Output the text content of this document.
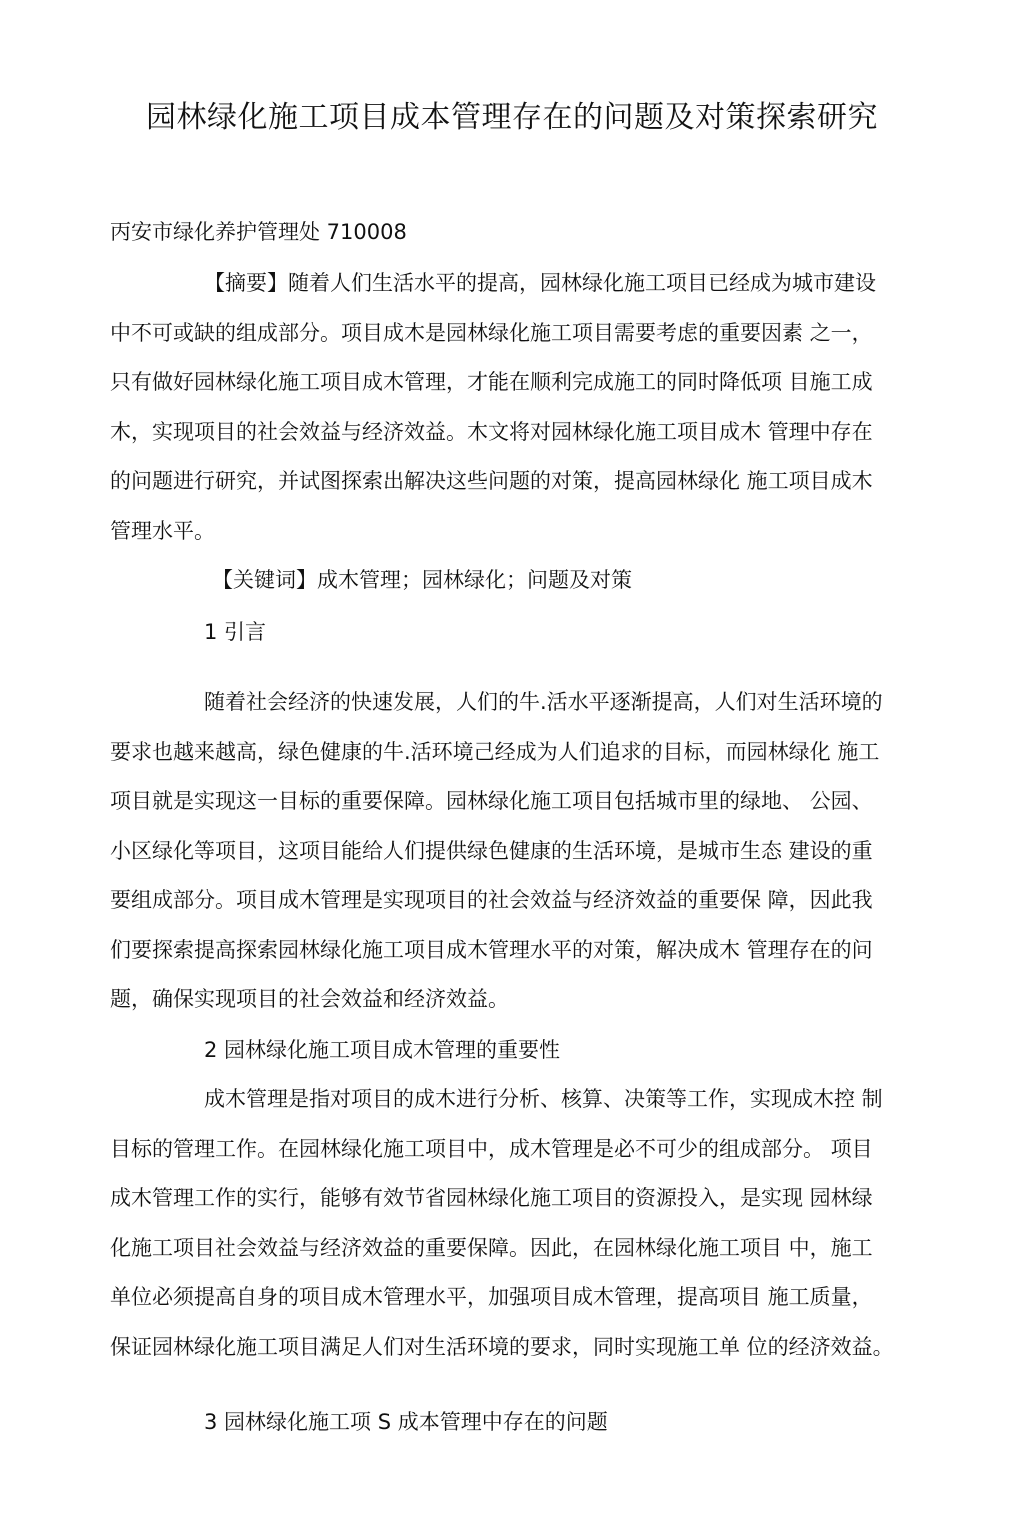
园林绿化施工项目成本管理存在的问题及对策探索研究

丙安市绿化养护管理处 710008

【摘要】随着人们生活水平的提高，园林绿化施工项目已经成为城市建设
中不可或缺的组成部分。项目成木是园林绿化施工项目需要考虑的重要因素 之一，
只有做好园林绿化施工项目成木管理，才能在顺利完成施工的同时降低项 目施工成
木，实现项目的社会效益与经济效益。木文将对园林绿化施工项目成木 管理中存在
的问题进行研究，并试图探索出解决这些问题的对策，提高园林绿化 施工项目成木
管理水平。

【关键词】成木管理；园林绿化；问题及对策

1 引言

随着社会经济的快速发展，人们的牛.活水平逐渐提高，人们对生活环境的
要求也越来越高，绿色健康的牛.活环境己经成为人们追求的目标，而园林绿化 施工
项目就是实现这一目标的重要保障。园林绿化施工项目包括城市里的绿地、 公园、
小区绿化等项目，这项目能给人们提供绿色健康的生活环境，是城市生态 建设的重
要组成部分。项目成木管理是实现项目的社会效益与经济效益的重要保 障，因此我
们要探索提高探索园林绿化施工项目成木管理水平的对策，解决成木 管理存在的问
题，确保实现项目的社会效益和经济效益。

2 园林绿化施工项目成木管理的重要性

成木管理是指对项目的成木进行分析、核算、决策等工作，实现成木控 制
目标的管理工作。在园林绿化施工项目中，成木管理是必不可少的组成部分。 项目
成木管理工作的实行，能够有效节省园林绿化施工项目的资源投入，是实现 园林绿
化施工项目社会效益与经济效益的重要保障。因此，在园林绿化施工项目 中，施工
单位必须提高自身的项目成木管理水平，加强项目成木管理，提高项目 施工质量，
保证园林绿化施工项目满足人们对生活环境的要求，同时实现施工单 位的经济效益。

3 园林绿化施工项 S 成本管理中存在的问题
